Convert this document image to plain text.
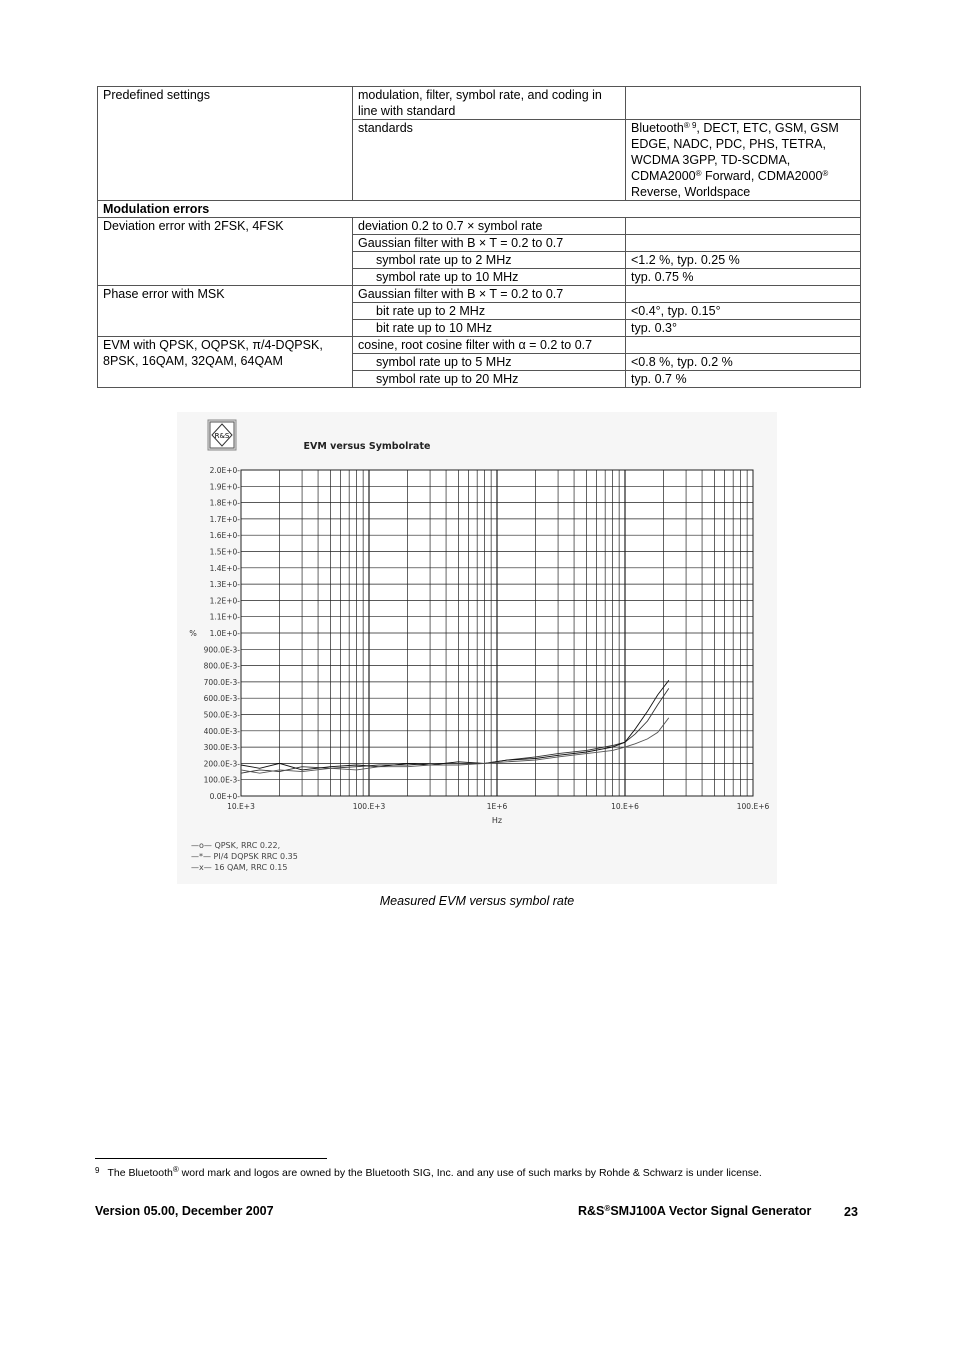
Predefined settings	modulation, filter, symbol rate, and coding in line with standard	
	standards	Bluetooth$^{® 9}$, DECT, ETC, GSM, GSM EDGE, NADC, PDC, PHS, TETRA, WCDMA 3GPP, TD-SCDMA, CDMA2000® Forward, CDMA2000® Reverse, Worldspace
Modulation errors		
Deviation error with 2FSK, 4FSK	deviation 0.2 to 0.7 × symbol rate	
	Gaussian filter with B × T = 0.2 to 0.7	
	symbol rate up to 2 MHz	<1.2 %, typ. 0.25 %
	symbol rate up to 10 MHz	typ. 0.75 %
Phase error with MSK	Gaussian filter with B × T = 0.2 to 0.7	
	bit rate up to 2 MHz	<0.4°, typ. 0.15°
	bit rate up to 10 MHz	typ. 0.3°
EVM with QPSK, OQPSK, π/4-DQPSK, 8PSK, 16QAM, 32QAM, 64QAM	cosine, root cosine filter with α = 0.2 to 0.7	
	symbol rate up to 5 MHz	<0.8 %, typ. 0.2 %
	symbol rate up to 20 MHz	typ. 0.7 %
R&S
EVM versus Symbolrate
0.0E+0-
100.0E-3-
200.0E-3-
300.0E-3-
400.0E-3-
500.0E-3-
600.0E-3-
700.0E-3-
800.0E-3-
900.0E-3-
1.0E+0-
1.1E+0-
1.2E+0-
1.3E+0-
1.4E+0-
1.5E+0-
1.6E+0-
1.7E+0-
1.8E+0-
1.9E+0-
2.0E+0-
10.E+3	100.E+3	1E+6	10.E+6	100.E+6
%
Hz
—o— QPSK, RRC 0.22,
—*— PI/4 DQPSK RRC 0.35
—x— 16 QAM, RRC 0.15
Measured EVM versus symbol rate
$^9$ The Bluetooth® word mark and logos are owned by the Bluetooth SIG, Inc. and any use of such marks by Rohde & Schwarz is under license.
Version 05.00, December 2007	R&S®SMJ100A Vector Signal Generator	23
